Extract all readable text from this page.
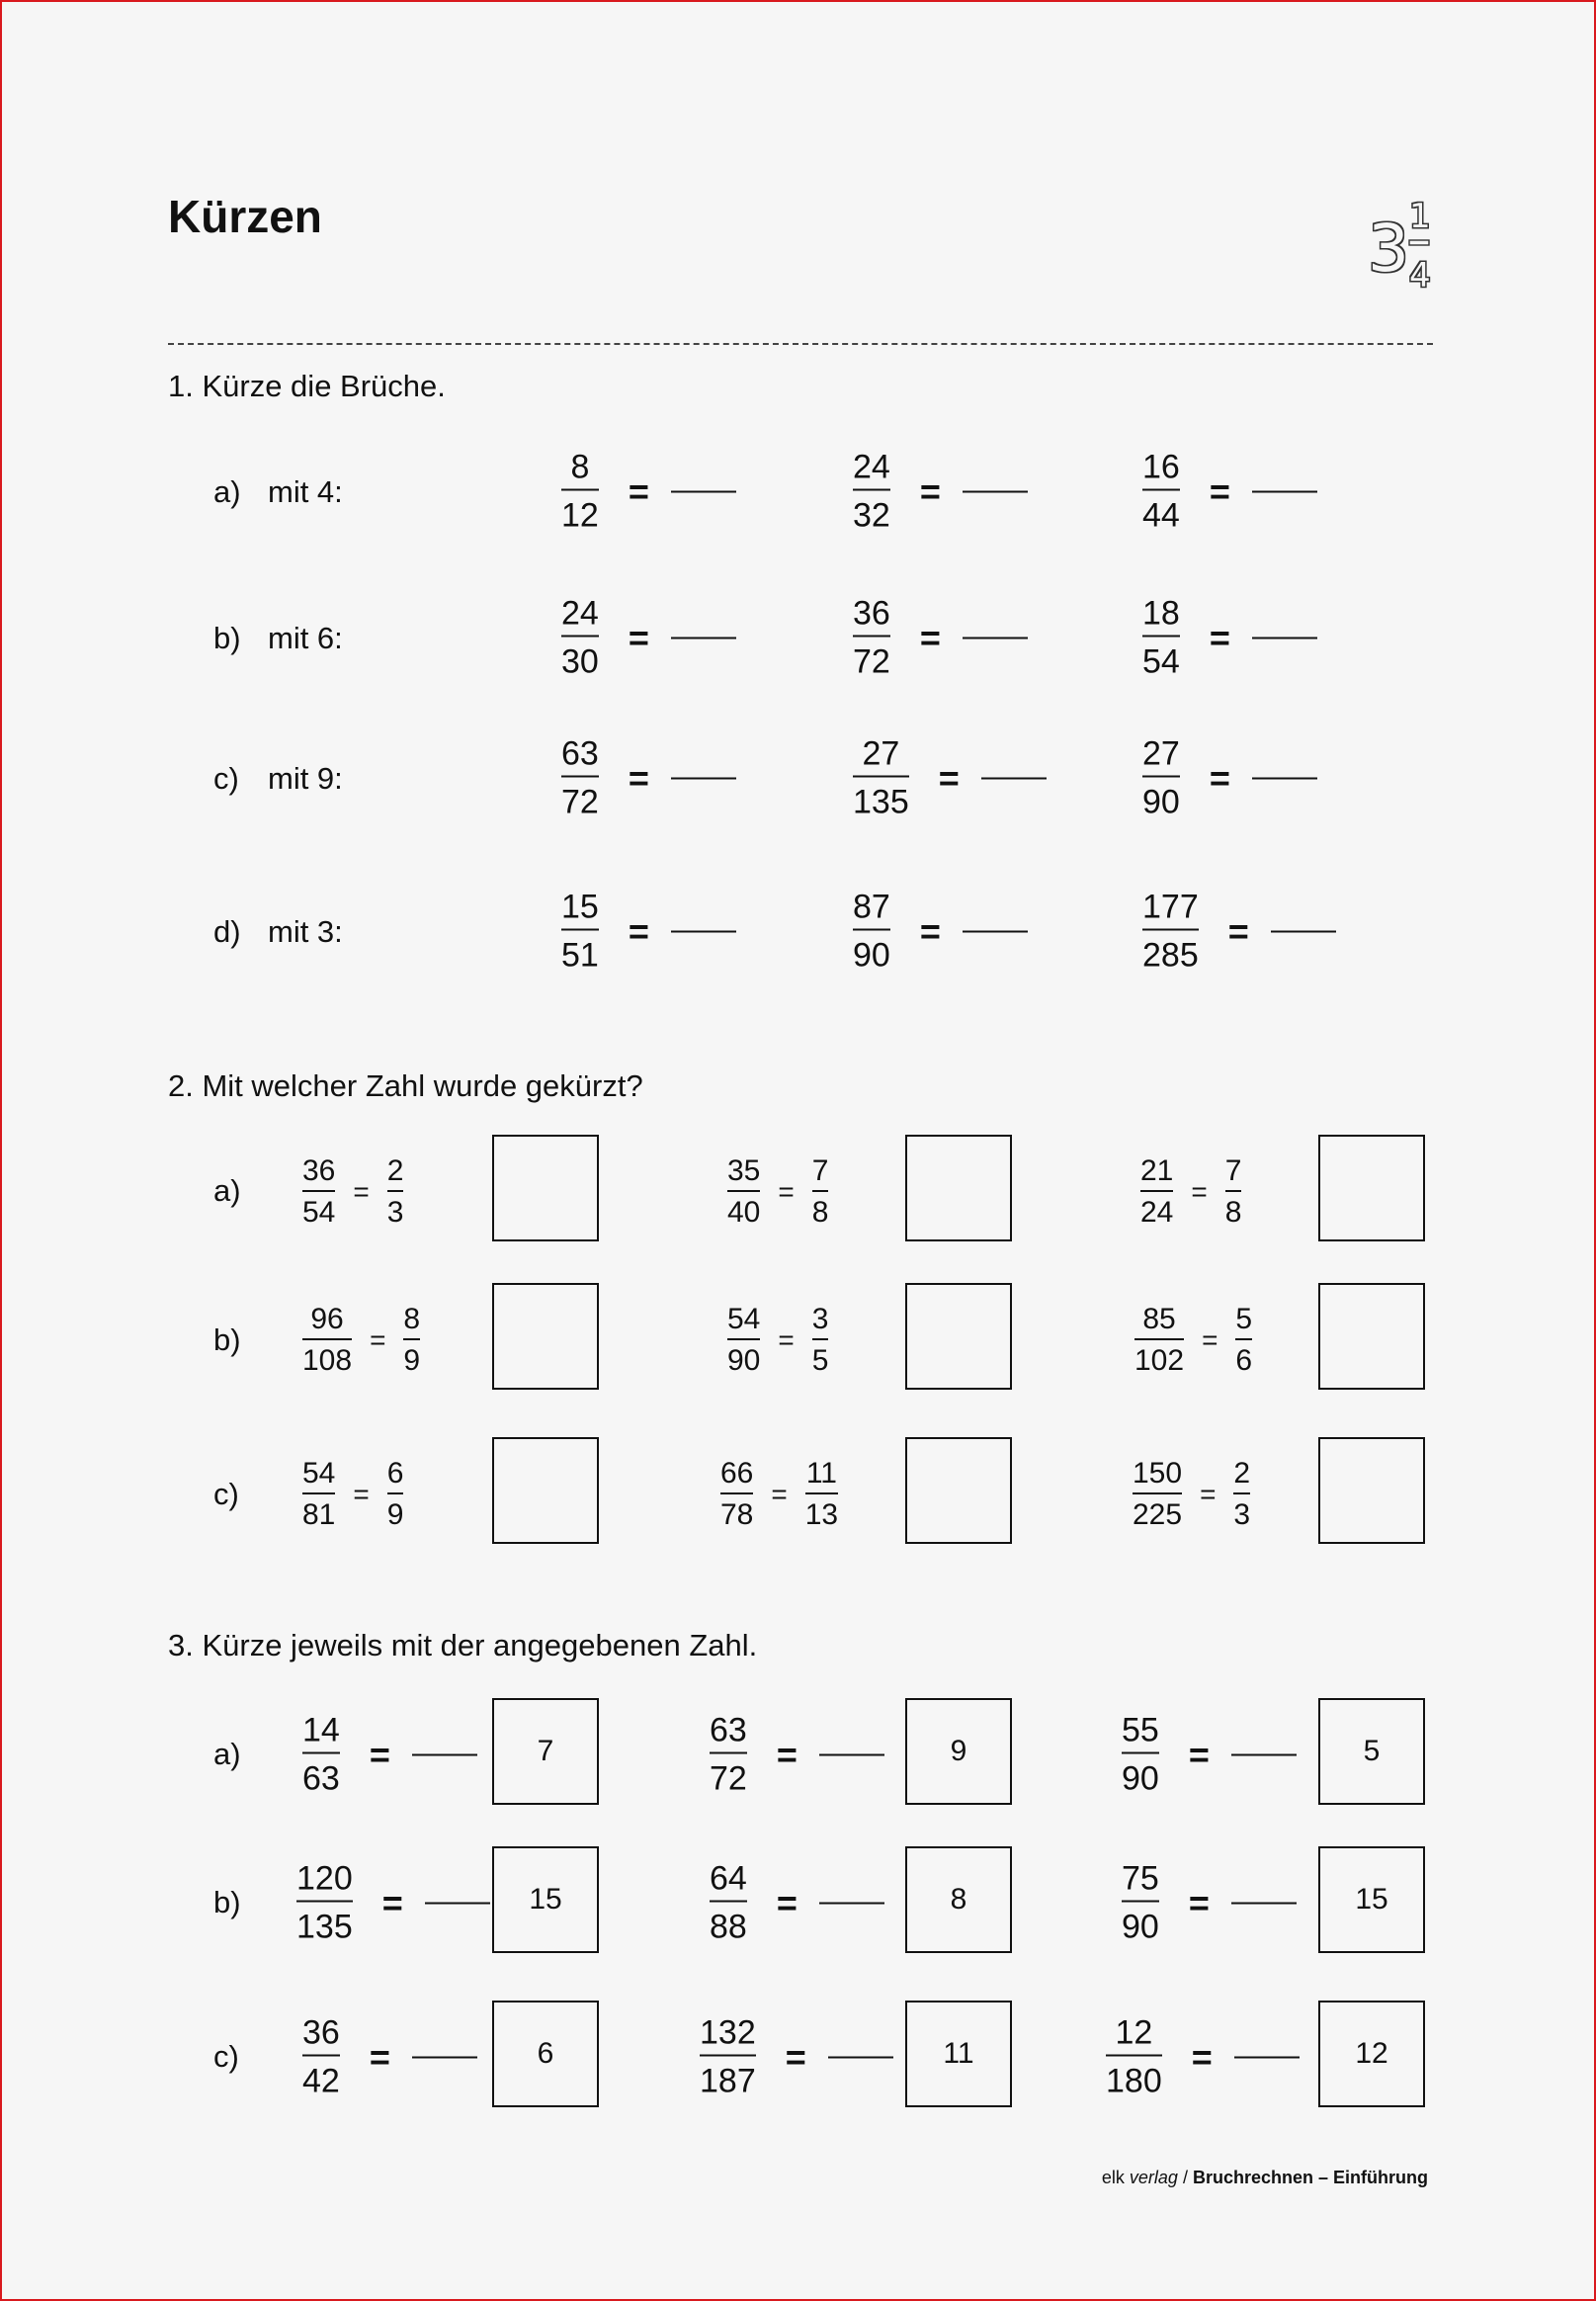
Kürzen	3 1
4
1. Kürze die Brüche.
a) mit 4:	$\frac{8}{12}$ =	$\frac{24}{32}$ =	$\frac{16}{44}$ =
b) mit 6:	$\frac{24}{30}$ =	$\frac{36}{72}$ =	$\frac{18}{54}$ =
c) mit 9:	$\frac{63}{72}$ =	$\frac{27}{135}$ =	$\frac{27}{90}$ =
d) mit 3:	$\frac{15}{51}$ =	$\frac{87}{90}$ =	$\frac{177}{285}$ =
2. Mit welcher Zahl wurde gekürzt?
$a) \frac{36}{54} = \frac{2}{3}$	$\frac{35}{40} = \frac{7}{8}$	$\frac{21}{24} = \frac{7}{8}$
$b) \frac{96}{108} = \frac{8}{9}$	$\frac{54}{90} = \frac{3}{5}$	$\frac{85}{102} = \frac{5}{6}$
$c) \frac{54}{81} = \frac{6}{9}$	$\frac{66}{78} = \frac{11}{13}$	$\frac{150}{225} = \frac{2}{3}$
3. Kürze jeweils mit der angegebenen Zahl.
$a) \frac{14}{63}$ =	7	$\frac{63}{72}$ =	9	$\frac{55}{90}$ =	5
$b) \frac{120}{135}$ =	15	$\frac{64}{88}$ =	8	$\frac{75}{90}$ =	15
$c) \frac{36}{42}$ =	6	$\frac{132}{187}$ =	11	$\frac{12}{180}$ =	12
elk verlag / Bruchrechnen – Einführung
